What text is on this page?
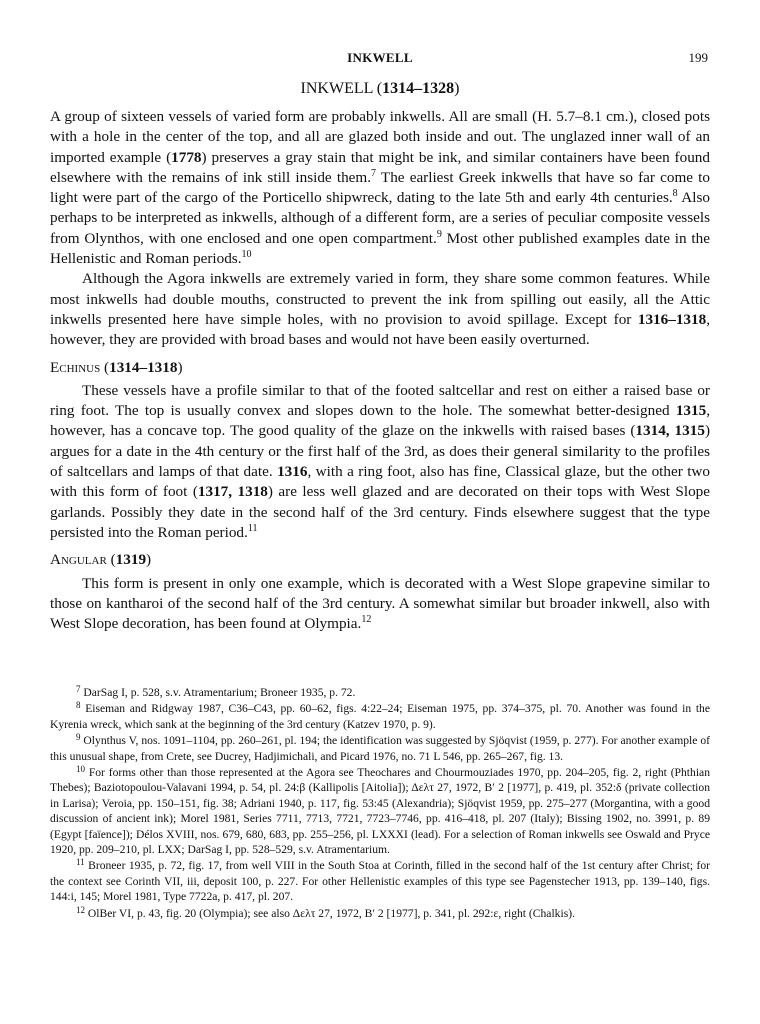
INKWELL	199
INKWELL (1314–1328)

A group of sixteen vessels of varied form are probably inkwells. All are small (H. 5.7–8.1 cm.), closed pots with a hole in the center of the top, and all are glazed both inside and out. The unglazed inner wall of an imported example (1778) preserves a gray stain that might be ink, and similar containers have been found elsewhere with the remains of ink still inside them.$^7$ The earliest Greek inkwells that have so far come to light were part of the cargo of the Porticello shipwreck, dating to the late 5th and early 4th centuries.$^8$ Also perhaps to be interpreted as inkwells, although of a different form, are a series of peculiar composite vessels from Olynthos, with one enclosed and one open compartment.$^9$ Most other published examples date in the Hellenistic and Roman periods.$^{10}$

Although the Agora inkwells are extremely varied in form, they share some common features. While most inkwells had double mouths, constructed to prevent the ink from spilling out easily, all the Attic inkwells presented here have simple holes, with no provision to avoid spillage. Except for 1316–1318, however, they are provided with broad bases and would not have been easily overturned.

Echinus (1314–1318)

These vessels have a profile similar to that of the footed saltcellar and rest on either a raised base or ring foot. The top is usually convex and slopes down to the hole. The somewhat better-designed 1315, however, has a concave top. The good quality of the glaze on the inkwells with raised bases (1314, 1315) argues for a date in the 4th century or the first half of the 3rd, as does their general similarity to the profiles of saltcellars and lamps of that date. 1316, with a ring foot, also has fine, Classical glaze, but the other two with this form of foot (1317, 1318) are less well glazed and are decorated on their tops with West Slope garlands. Possibly they date in the second half of the 3rd century. Finds elsewhere suggest that the type persisted into the Roman period.$^{11}$

Angular (1319)

This form is present in only one example, which is decorated with a West Slope grapevine similar to those on kantharoi of the second half of the 3rd century. A somewhat similar but broader inkwell, also with West Slope decoration, has been found at Olympia.$^{12}$

$^7$ DarSag I, p. 528, s.v. Atramentarium; Broneer 1935, p. 72.

$^8$ Eiseman and Ridgway 1987, C36–C43, pp. 60–62, figs. 4:22–24; Eiseman 1975, pp. 374–375, pl. 70. Another was found in the Kyrenia wreck, which sank at the beginning of the 3rd century (Katzev 1970, p. 9).

$^9$ Olynthus V, nos. 1091–1104, pp. 260–261, pl. 194; the identification was suggested by Sjöqvist (1959, p. 277). For another example of this unusual shape, from Crete, see Ducrey, Hadjimichali, and Picard 1976, no. 71 L 546, pp. 265–267, fig. 13.

$^{10}$ For forms other than those represented at the Agora see Theochares and Chourmouziades 1970, pp. 204–205, fig. 2, right (Phthian Thebes); Baziotopoulou-Valavani 1994, p. 54, pl. 24:β (Kallipolis [Aitolia]); Δελτ 27, 1972, Β′ 2 [1977], p. 419, pl. 352:δ (private collection in Larisa); Veroia, pp. 150–151, fig. 38; Adriani 1940, p. 117, fig. 53:45 (Alexandria); Sjöqvist 1959, pp. 275–277 (Morgantina, with a good discussion of ancient ink); Morel 1981, Series 7711, 7713, 7721, 7723–7746, pp. 416–418, pl. 207 (Italy); Bissing 1902, no. 3991, p. 89 (Egypt [faïence]); Délos XVIII, nos. 679, 680, 683, pp. 255–256, pl. LXXXI (lead). For a selection of Roman inkwells see Oswald and Pryce 1920, pp. 209–210, pl. LXX; DarSag I, pp. 528–529, s.v. Atramentarium.

$^{11}$ Broneer 1935, p. 72, fig. 17, from well VIII in the South Stoa at Corinth, filled in the second half of the 1st century after Christ; for the context see Corinth VII, iii, deposit 100, p. 227. For other Hellenistic examples of this type see Pagenstecher 1913, pp. 139–140, figs. 144:i, 145; Morel 1981, Type 7722a, p. 417, pl. 207.

$^{12}$ OlBer VI, p. 43, fig. 20 (Olympia); see also Δελτ 27, 1972, Β′ 2 [1977], p. 341, pl. 292:ε, right (Chalkis).
